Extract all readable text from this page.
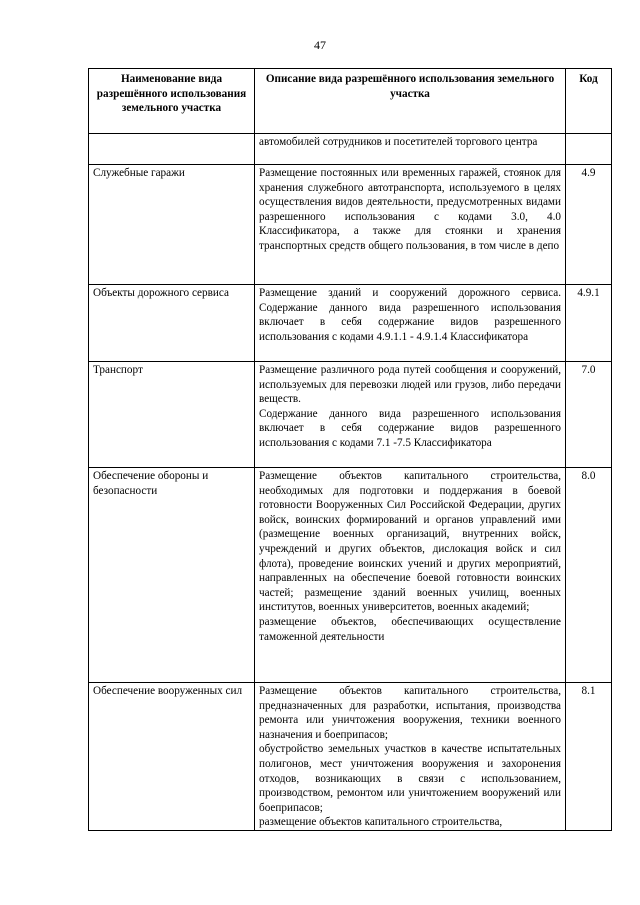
47
Наименование вида разрешённого использования земельного участка	Описание вида разрешённого использования земельного участка	Код

	автомобилей сотрудников и посетителей торгового центра	

Служебные гаражи	Размещение постоянных или временных гаражей, стоянок для хранения служебного автотранспорта, используемого в целях осуществления видов деятельности, предусмотренных видами разрешенного использования с кодами 3.0, 4.0 Классификатора, а также для стоянки и хранения транспортных средств общего пользования, в том числе в депо	4.9
Объекты дорожного сервиса	Размещение зданий и сооружений дорожного сервиса. Содержание данного вида разрешенного использования включает в себя содержание видов разрешенного использования с кодами 4.9.1.1 - 4.9.1.4 Классификатора	4.9.1
Транспорт	Размещение различного рода путей сообщения и сооружений, используемых для перевозки людей или грузов, либо передачи веществ.
Содержание данного вида разрешенного использования включает в себя содержание видов разрешенного использования с кодами 7.1 -7.5 Классификатора	7.0
Обеспечение обороны и безопасности	Размещение объектов капитального строительства, необходимых для подготовки и поддержания в боевой готовности Вооруженных Сил Российской Федерации, других войск, воинских формирований и органов управлений ими (размещение военных организаций, внутренних войск, учреждений и других объектов, дислокация войск и сил флота), проведение воинских учений и других мероприятий, направленных на обеспечение боевой готовности воинских частей; размещение зданий военных училищ, военных институтов, военных университетов, военных академий;
размещение объектов, обеспечивающих осуществление таможенной деятельности	8.0
Обеспечение вооруженных сил	Размещение объектов капитального строительства, предназначенных для разработки, испытания, производства ремонта или уничтожения вооружения, техники военного назначения и боеприпасов;
обустройство земельных участков в качестве испытательных полигонов, мест уничтожения вооружения и захоронения отходов, возникающих в связи с использованием, производством, ремонтом или уничтожением вооружений или боеприпасов;
размещение объектов капитального строительства,	8.1
